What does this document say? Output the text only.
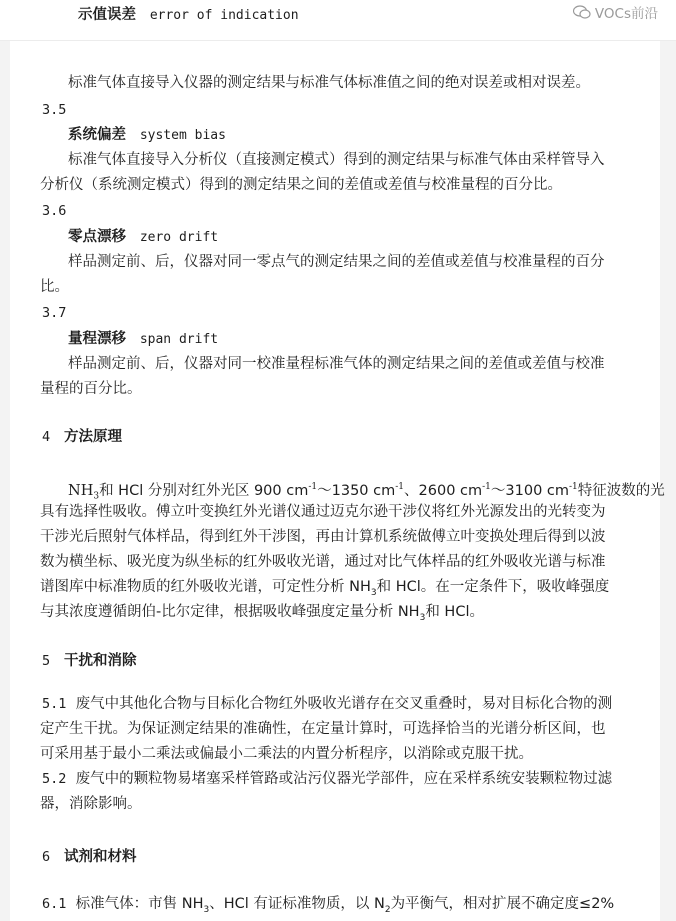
示值误差 error of indication	VOCs前沿
标准气体直接导入仪器的测定结果与标准气体标准值之间的绝对误差或相对误差。
3.5
系统偏差 system bias
标准气体直接导入分析仪（直接测定模式）得到的测定结果与标准气体由采样管导入
分析仪（系统测定模式）得到的测定结果之间的差值或差值与校准量程的百分比。
3.6
零点漂移 zero drift
样品测定前、后，仪器对同一零点气的测定结果之间的差值或差值与校准量程的百分
比。
3.7
量程漂移 span drift
样品测定前、后，仪器对同一校准量程标准气体的测定结果之间的差值或差值与校准
量程的百分比。
4 方法原理
$NH_3$和 HCl 分别对红外光区 900 $cm^{-1}\sim 1350$ $cm^{-1}$、2600 $cm^{-1}\sim 3100$ $cm^{-1}$特征波数的光
具有选择性吸收。傅立叶变换红外光谱仪通过迈克尔逊干涉仪将红外光源发出的光转变为
干涉光后照射气体样品，得到红外干涉图，再由计算机系统做傅立叶变换处理后得到以波
数为横坐标、吸光度为纵坐标的红外吸收光谱，通过对比气体样品的红外吸收光谱与标准
谱图库中标准物质的红外吸收光谱，可定性分析 $NH_3$和 HCl。在一定条件下，吸收峰强度
与其浓度遵循朗伯-比尔定律，根据吸收峰强度定量分析 $NH_3$和 HCl。
5 干扰和消除
5.1 废气中其他化合物与目标化合物红外吸收光谱存在交叉重叠时，易对目标化合物的测
定产生干扰。为保证测定结果的准确性，在定量计算时，可选择恰当的光谱分析区间，也
可采用基于最小二乘法或偏最小二乘法的内置分析程序，以消除或克服干扰。
5.2 废气中的颗粒物易堵塞采样管路或沾污仪器光学部件，应在采样系统安装颗粒物过滤
器，消除影响。
6 试剂和材料
6.1 标准气体：市售 $NH_3$、HCl 有证标准物质，以 $N_2$为平衡气，相对扩展不确定度≤2%
